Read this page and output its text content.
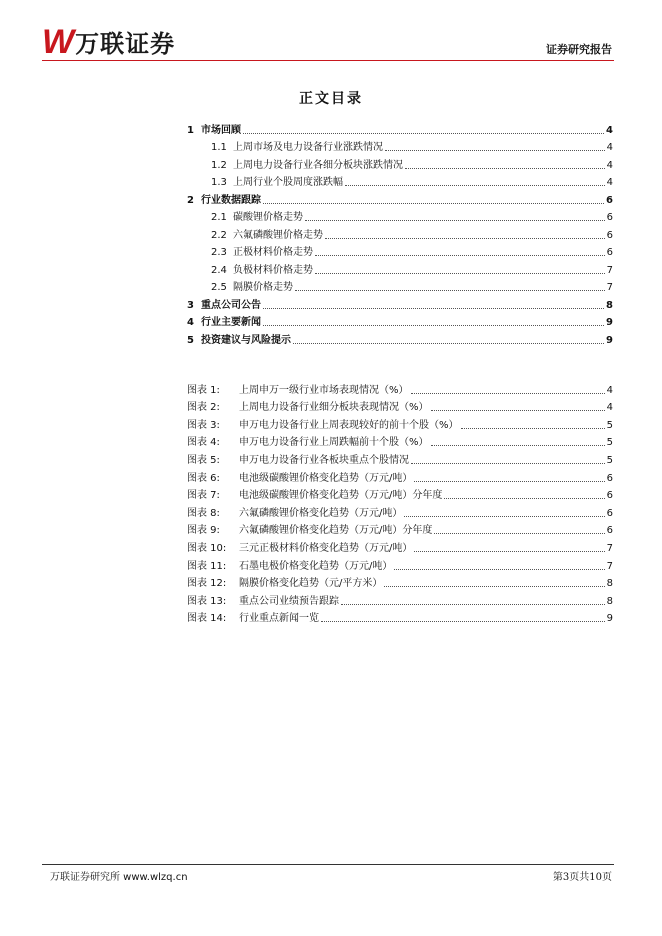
W 万联证券	证券研究报告
正文目录
1 市场回顾	4
1.1 上周市场及电力设备行业涨跌情况	4
1.2 上周电力设备行业各细分板块涨跌情况	4
1.3 上周行业个股周度涨跌幅	4
2 行业数据跟踪	6
2.1 碳酸锂价格走势	6
2.2 六氟磷酸锂价格走势	6
2.3 正极材料价格走势	6
2.4 负极材料价格走势	7
2.5 隔膜价格走势	7
3 重点公司公告	8
4 行业主要新闻	9
5 投资建议与风险提示	9
图表 1:	上周申万一级行业市场表现情况（%）	4
图表 2:	上周电力设备行业细分板块表现情况（%）	4
图表 3:	申万电力设备行业上周表现较好的前十个股（%）	5
图表 4:	申万电力设备行业上周跌幅前十个股（%）	5
图表 5:	申万电力设备行业各板块重点个股情况	5
图表 6:	电池级碳酸锂价格变化趋势（万元/吨）	6
图表 7:	电池级碳酸锂价格变化趋势（万元/吨）分年度	6
图表 8:	六氟磷酸锂价格变化趋势（万元/吨）	6
图表 9:	六氟磷酸锂价格变化趋势（万元/吨）分年度	6
图表 10:	三元正极材料价格变化趋势（万元/吨）	7
图表 11:	石墨电极价格变化趋势（万元/吨）	7
图表 12:	隔膜价格变化趋势（元/平方米）	8
图表 13:	重点公司业绩预告跟踪	8
图表 14:	行业重点新闻一览	9
万联证券研究所 www.wlzq.cn	第3页共10页
